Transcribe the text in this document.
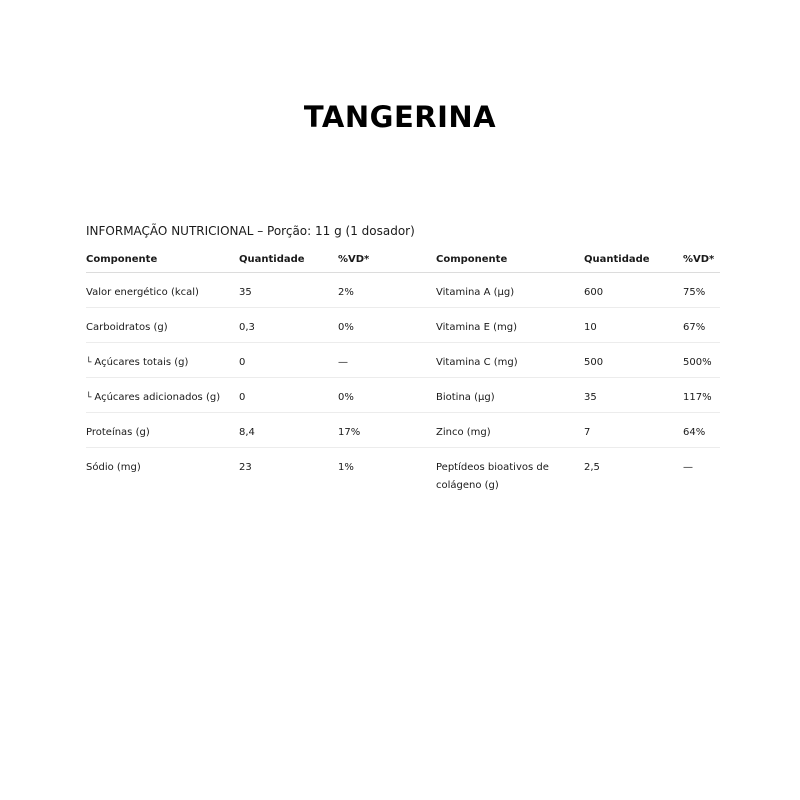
TANGERINA

INFORMAÇÃO NUTRICIONAL – Porção: 11 g (1 dosador)

Componente	Quantidade	%VD*	Componente	Quantidade	%VD*
Valor energético (kcal)	35	2%	Vitamina A (µg)	600	75%
Carboidratos (g)	0,3	0%	Vitamina E (mg)	10	67%
└ Açúcares totais (g)	0	—	Vitamina C (mg)	500	500%
└ Açúcares adicionados (g)	0	0%	Biotina (µg)	35	117%
Proteínas (g)	8,4	17%	Zinco (mg)	7	64%
Sódio (mg)	23	1%	Peptídeos bioativos de colágeno (g)	2,5	—
